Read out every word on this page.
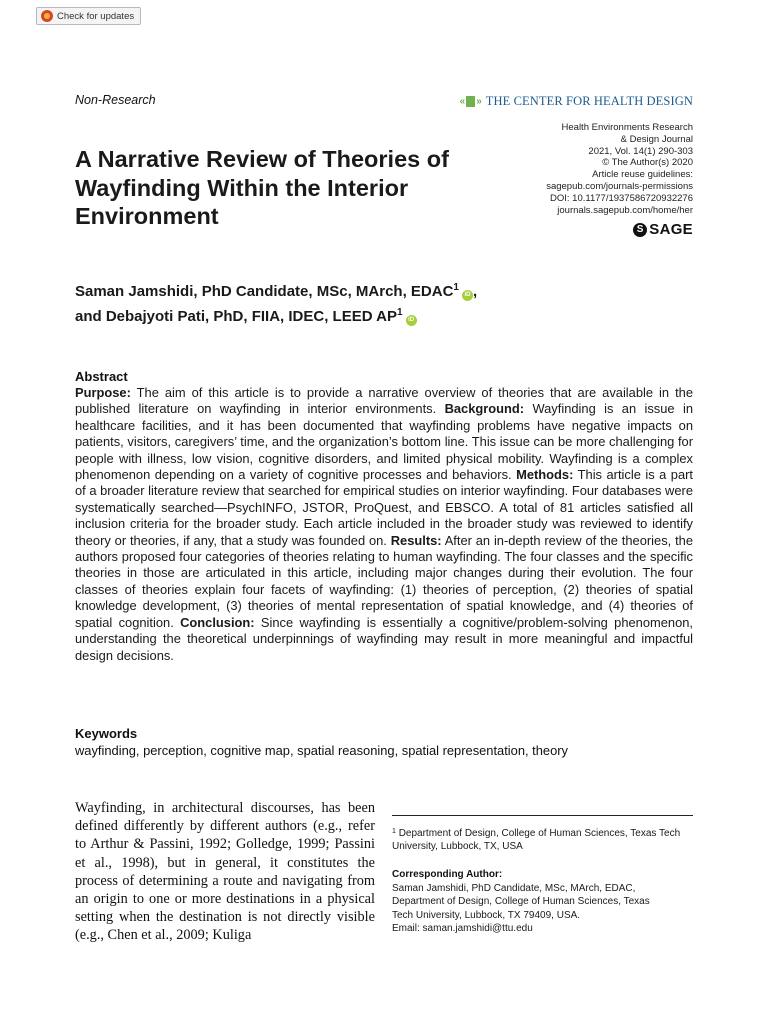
Check for updates
Non-Research	« » THE CENTER FOR HEALTH DESIGN
Health Environments Research
& Design Journal
2021, Vol. 14(1) 290-303
© The Author(s) 2020
Article reuse guidelines:
sagepub.com/journals-permissions
DOI: 10.1177/1937586720932276
journals.sagepub.com/home/her
S SAGE
A Narrative Review of Theories of Wayfinding Within the Interior Environment
Saman Jamshidi, PhD Candidate, MSc, MArch, EDAC$^1$iD ,
and Debajyoti Pati, PhD, FIIA, IDEC, LEED $AP^1iD$
Abstract
Purpose: The aim of this article is to provide a narrative overview of theories that are available in the published literature on wayfinding in interior environments. Background: Wayfinding is an issue in healthcare facilities, and it has been documented that wayfinding problems have negative impacts on patients, visitors, caregivers’ time, and the organization’s bottom line. This issue can be more challenging for people with illness, low vision, cognitive disorders, and limited physical mobility. Wayfinding is a complex phenomenon depending on a variety of cognitive processes and behaviors. Methods: This article is a part of a broader literature review that searched for empirical studies on interior wayfinding. Four databases were systematically searched—PsychINFO, JSTOR, ProQuest, and EBSCO. A total of 81 articles satisfied all inclusion criteria for the broader study. Each article included in the broader study was reviewed to identify theory or theories, if any, that a study was founded on. Results: After an in-depth review of the theories, the authors proposed four categories of theories relating to human wayfinding. The four classes and the specific theories in those are articulated in this article, including major changes during their evolution. The four classes of theories explain four facets of wayfinding: (1) theories of perception, (2) theories of spatial knowledge development, (3) theories of mental representation of spatial knowledge, and (4) theories of spatial cognition. Conclusion: Since wayfinding is essentially a cognitive/problem-solving phenomenon, understanding the theoretical underpinnings of wayfinding may result in more meaningful and impactful design decisions.
Keywords
wayfinding, perception, cognitive map, spatial reasoning, spatial representation, theory
Wayfinding, in architectural discourses, has been defined differently by different authors (e.g., refer to Arthur & Passini, 1992; Golledge, 1999; Passini et al., 1998), but in general, it constitutes the process of determining a route and navigating from an origin to one or more destinations in a physical setting when the destination is not directly visible (e.g., Chen et al., 2009; Kuliga
$^1$ Department of Design, College of Human Sciences, Texas Tech University, Lubbock, TX, USA
Corresponding Author:
Saman Jamshidi, PhD Candidate, MSc, MArch, EDAC,
Department of Design, College of Human Sciences, Texas
Tech University, Lubbock, TX 79409, USA.
Email: saman.jamshidi@ttu.edu
